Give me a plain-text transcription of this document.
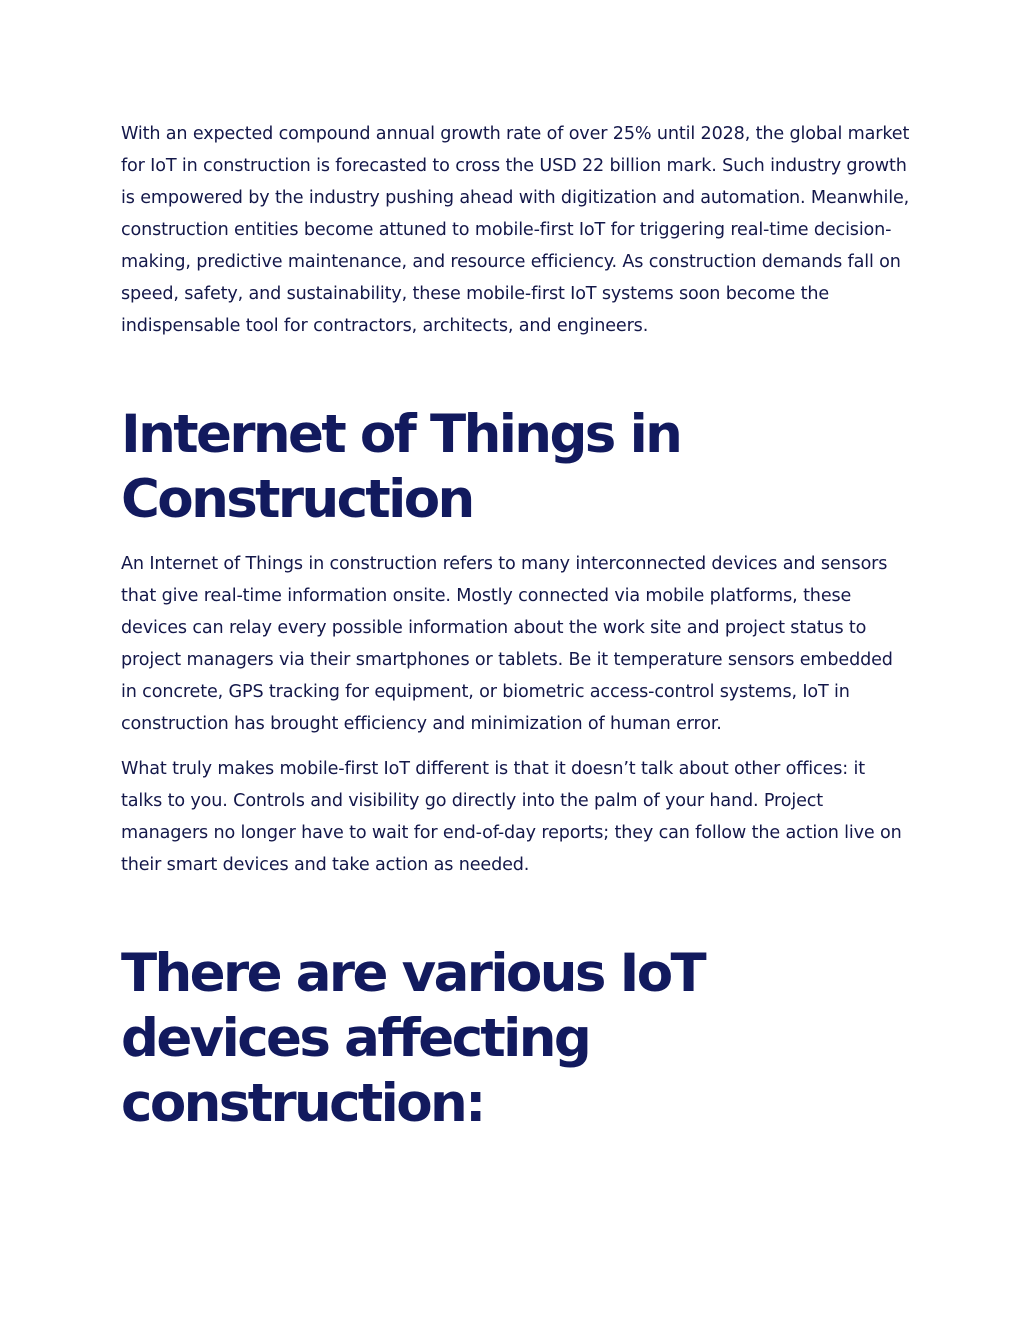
With an expected compound annual growth rate of over 25% until 2028, the global market for IoT in construction is forecasted to cross the USD 22 billion mark. Such industry growth is empowered by the industry pushing ahead with digitization and automation. Meanwhile, construction entities become attuned to mobile-first IoT for triggering real-time decision-making, predictive maintenance, and resource efficiency. As construction demands fall on speed, safety, and sustainability, these mobile-first IoT systems soon become the indispensable tool for contractors, architects, and engineers.

Internet of Things in Construction

An Internet of Things in construction refers to many interconnected devices and sensors that give real-time information onsite. Mostly connected via mobile platforms, these devices can relay every possible information about the work site and project status to project managers via their smartphones or tablets. Be it temperature sensors embedded in concrete, GPS tracking for equipment, or biometric access-control systems, IoT in construction has brought efficiency and minimization of human error.

What truly makes mobile-first IoT different is that it doesn’t talk about other offices: it talks to you. Controls and visibility go directly into the palm of your hand. Project managers no longer have to wait for end-of-day reports; they can follow the action live on their smart devices and take action as needed.

There are various IoT devices affecting construction:
